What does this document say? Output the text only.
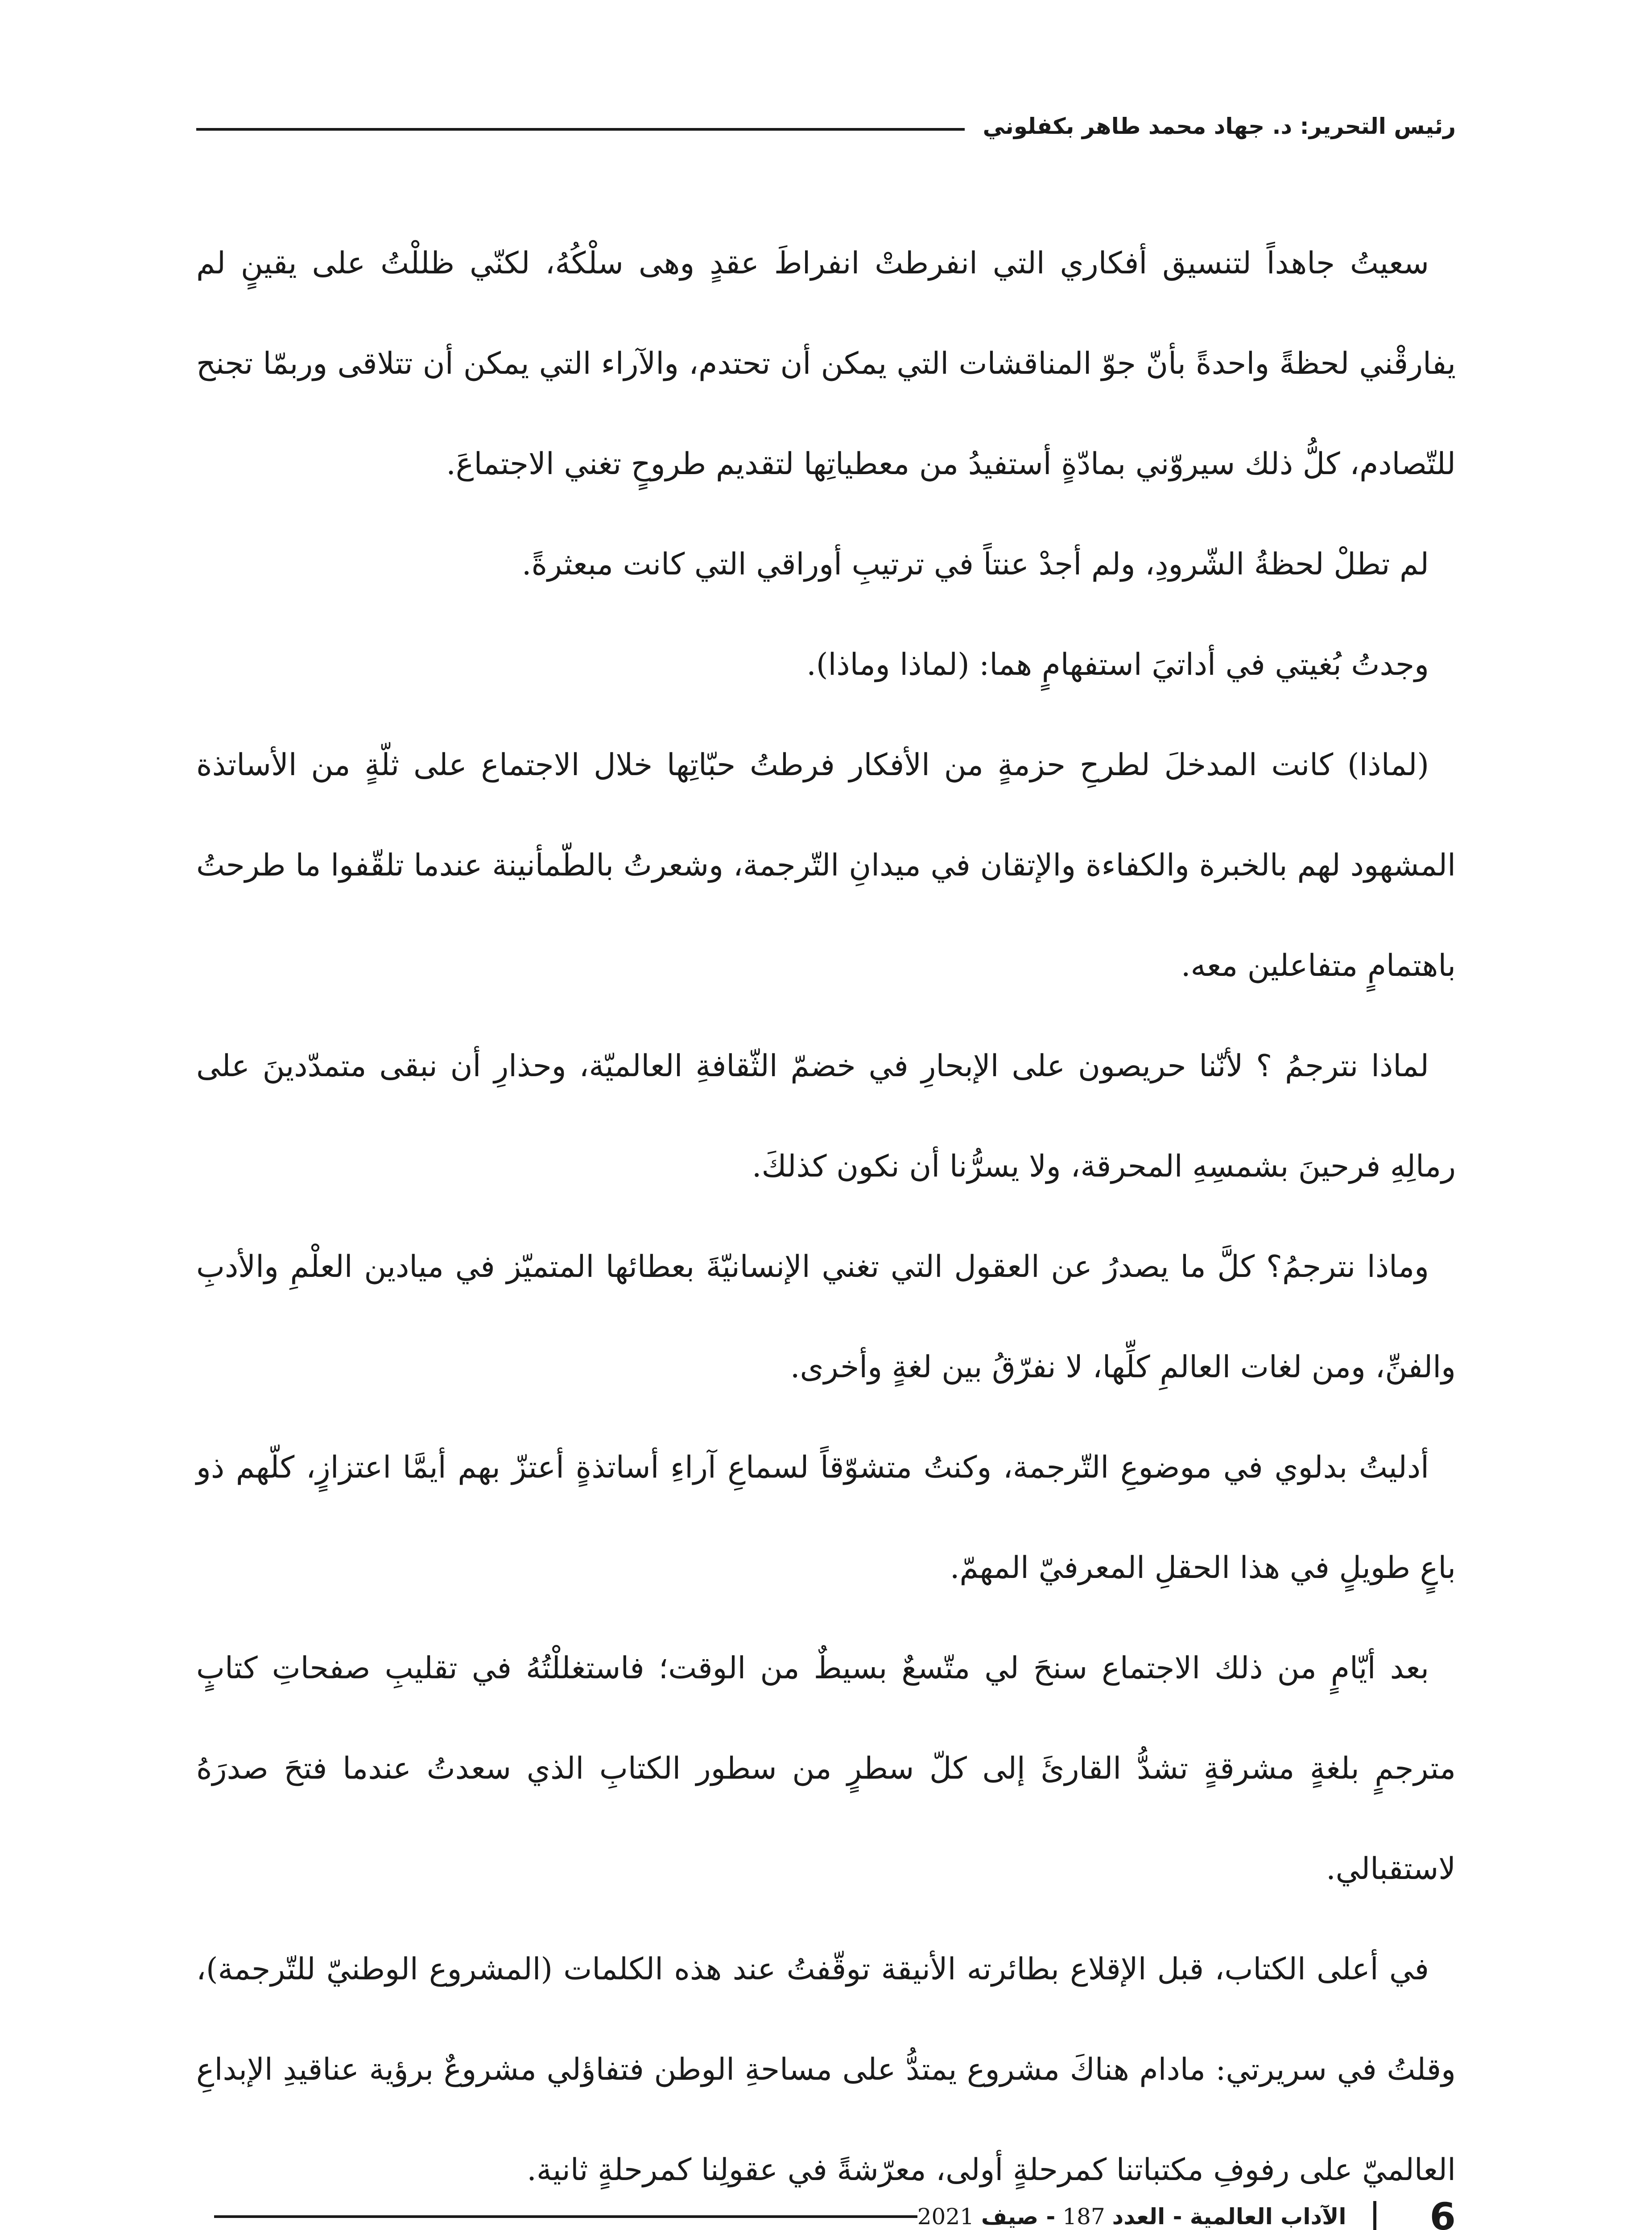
رئيس التحرير: د. جهاد محمد طاهر بكفلوني

سعيتُ جاهداً لتنسيق أفكاري التي انفرطتْ انفراطَ عقدٍ وهى سلْكُهُ، لكنّي ظللْتُ على يقينٍ لم يفارقْني لحظةً واحدةً بأنّ جوّ المناقشات التي يمكن أن تحتدم، والآراء التي يمكن أن تتلاقى وربمّا تجنح للتّصادم، كلُّ ذلك سيروّني بمادّةٍ أستفيدُ من معطياتِها لتقديم طروحٍ تغني الاجتماعَ.

لم تطلْ لحظةُ الشّرودِ، ولم أجدْ عنتاً في ترتيبِ أوراقي التي كانت مبعثرةً.

وجدتُ بُغيتي في أداتيَ استفهامٍ هما: (لماذا وماذا).

(لماذا) كانت المدخلَ لطرحِ حزمةٍ من الأفكار فرطتُ حبّاتِها خلال الاجتماع على ثلّةٍ من الأساتذة المشهود لهم بالخبرة والكفاءة والإتقان في ميدانِ التّرجمة، وشعرتُ بالطّمأنينة عندما تلقّفوا ما طرحتُ باهتمامٍ متفاعلين معه.

لماذا نترجمُ ؟ لأنّنا حريصون على الإبحارِ في خضمّ الثّقافةِ العالميّة، وحذارِ أن نبقى متمدّدينَ على رمالِهِ فرحينَ بشمسِهِ المحرقة، ولا يسرُّنا أن نكون كذلكَ.

وماذا نترجمُ؟ كلَّ ما يصدرُ عن العقول التي تغني الإنسانيّةَ بعطائها المتميّز في ميادين العلْمِ والأدبِ والفنِّ، ومن لغات العالمِ كلِّها، لا نفرّقُ بين لغةٍ وأخرى.

أدليتُ بدلوي في موضوعِ التّرجمة، وكنتُ متشوّقاً لسماعِ آراءِ أساتذةٍ أعتزّ بهم أيمَّا اعتزازٍ، كلّهم ذو باعٍ طويلٍ في هذا الحقلِ المعرفيّ المهمّ.

بعد أيّامٍ من ذلك الاجتماع سنحَ لي متّسعٌ بسيطٌ من الوقت؛ فاستغللْتُهُ في تقليبِ صفحاتِ كتابٍ مترجمٍ بلغةٍ مشرقةٍ تشدُّ القارئَ إلى كلّ سطرٍ من سطور الكتابِ الذي سعدتُ عندما فتحَ صدرَهُ لاستقبالي.

في أعلى الكتاب، قبل الإقلاع بطائرته الأنيقة توقّفتُ عند هذه الكلمات (المشروع الوطنيّ للتّرجمة)، وقلتُ في سريرتي: مادام هناكَ مشروع يمتدُّ على مساحةِ الوطن فتفاؤلي مشروعٌ برؤية عناقيدِ الإبداعِ العالميّ على رفوفِ مكتباتنا كمرحلةٍ أولى، معرّشةً في عقولِنا كمرحلةٍ ثانية.

6
الآداب العالمية - العدد 187 - صيف 2021
